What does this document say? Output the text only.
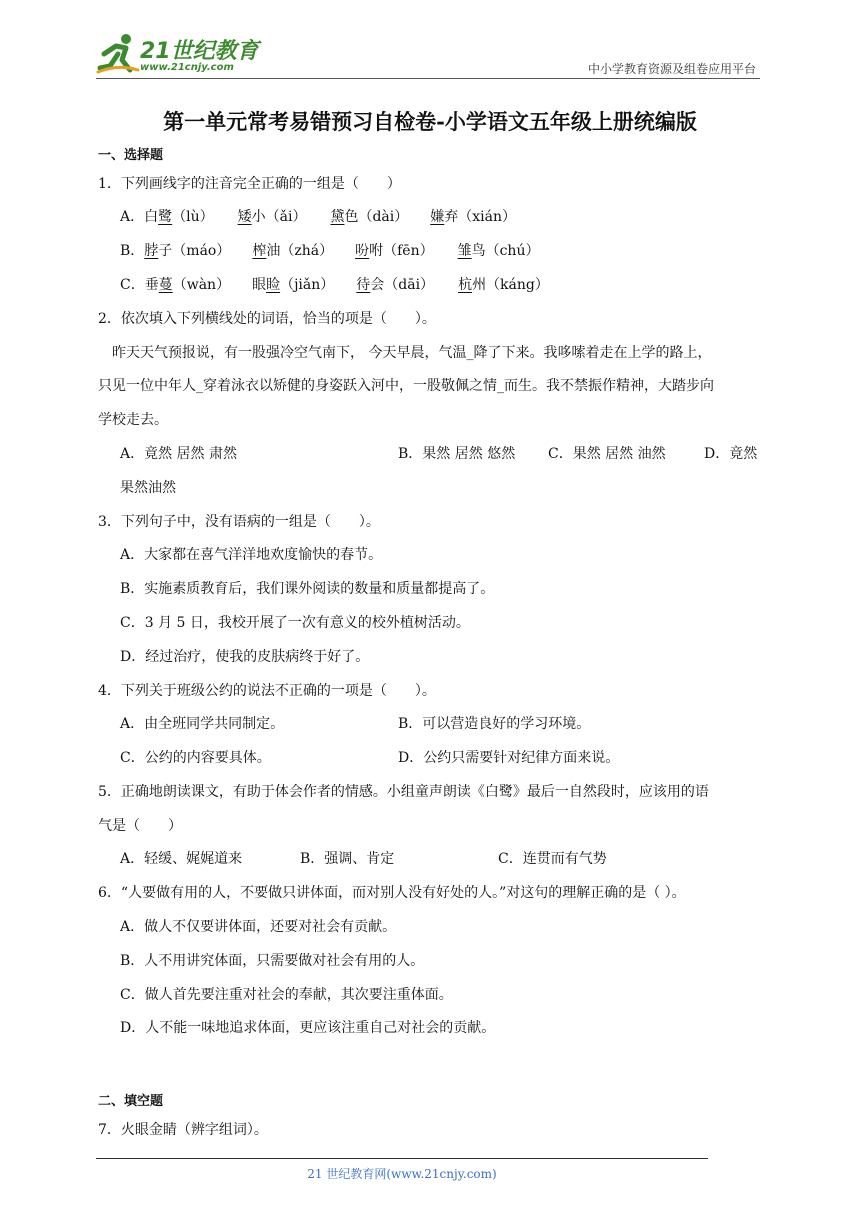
21世纪教育
www.21cnjy.com	中小学教育资源及组卷应用平台
第一单元常考易错预习自检卷-小学语文五年级上册统编版
一、选择题
1．下列画线字的注音完全正确的一组是（　　）
A．白鹭（lù） 矮小（ǎi） 黛色（dài） 嫌弃（xián）
B．脖子（máo） 榨油（zhá） 吩咐（fēn） 雏鸟（chú）
C．垂蔓（wàn） 眼睑（jiǎn） 待会（dāi） 杭州（káng）
2．依次填入下列横线处的词语，恰当的项是（　　）。
昨天天气预报说，有一股强冷空气南下， 今天早晨，气温_降了下来。我哆嗦着走在上学的路上，
只见一位中年人_穿着泳衣以矫健的身姿跃入河中，一股敬佩之情_而生。我不禁振作精神，大踏步向
学校走去。
A．竟然 居然 肃然	B．果然 居然 悠然 C．果然 居然 油然	D．竟然
果然油然
3．下列句子中，没有语病的一组是（　　）。
A．大家都在喜气洋洋地欢度愉快的春节。
B．实施素质教育后，我们课外阅读的数量和质量都提高了。
C．3 月 5 日，我校开展了一次有意义的校外植树活动。
D．经过治疗，使我的皮肤病终于好了。
4．下列关于班级公约的说法不正确的一项是（　　）。
A．由全班同学共同制定。	B．可以营造良好的学习环境。
C．公约的内容要具体。	D．公约只需要针对纪律方面来说。
5．正确地朗读课文，有助于体会作者的情感。小组童声朗读《白鹭》最后一自然段时，应该用的语
气是（　　）
A．轻缓、娓娓道来	B．强调、肯定	C．连贯而有气势
6．“人要做有用的人，不要做只讲体面，而对别人没有好处的人。”对这句的理解正确的是（ ）。
A．做人不仅要讲体面，还要对社会有贡献。
B．人不用讲究体面，只需要做对社会有用的人。
C．做人首先要注重对社会的奉献，其次要注重体面。
D．人不能一味地追求体面，更应该注重自己对社会的贡献。
二、填空题
7．火眼金睛（辨字组词）。
21 世纪教育网(www.21cnjy.com)
